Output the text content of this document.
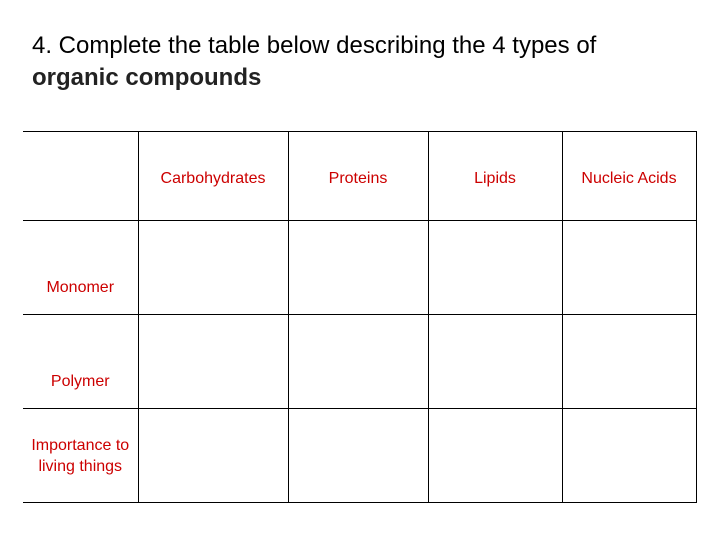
4. Complete the table below describing the 4 types of
organic compounds
	Carbohydrates	Proteins	Lipids	Nucleic Acids
Monomer				
Polymer				
Importance to living things				
